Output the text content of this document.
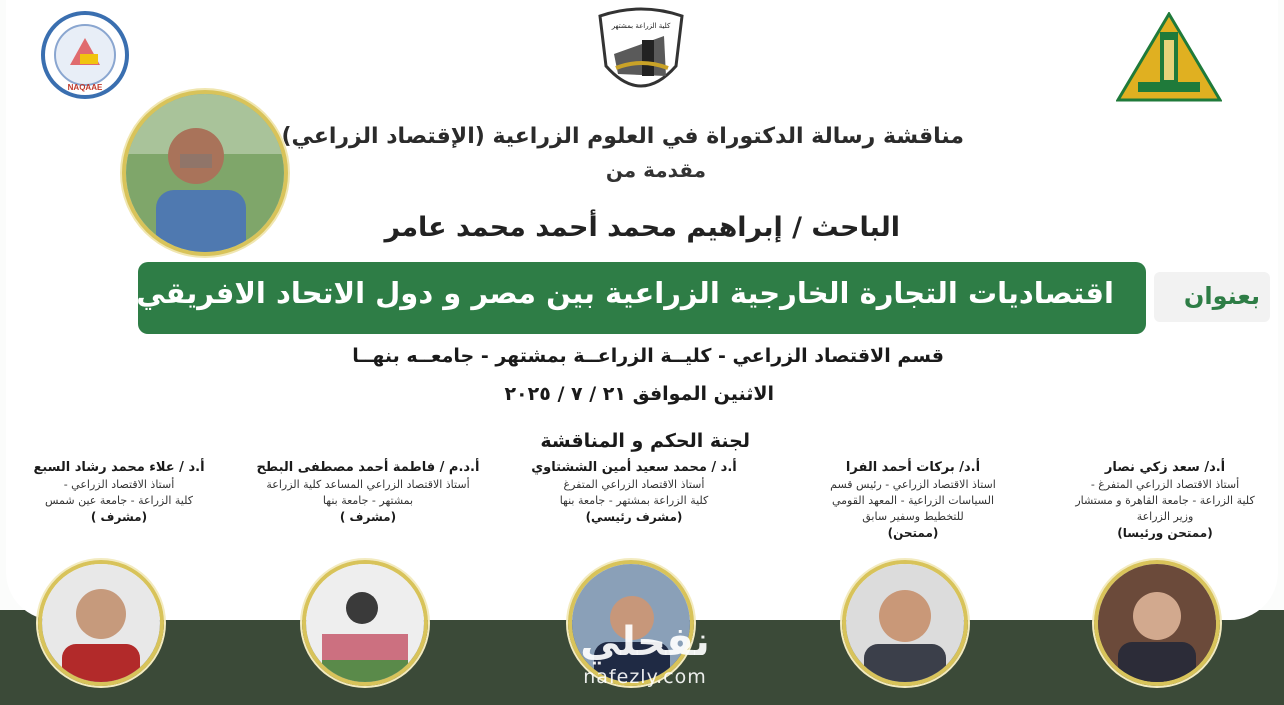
NAQAAE
كلية الزراعة بمشتهر
مناقشة رسالة الدكتوراة في العلوم الزراعية (الإقتصاد الزراعي)
مقدمة من
الباحث / إبراهيم محمد أحمد محمد عامر
بعنوان
اقتصاديات التجارة الخارجية الزراعية بين مصر و دول الاتحاد الافريقي
قسم الاقتصاد الزراعي - كليــة الزراعــة بمشتهر - جامعــه بنهــا
الاثنين الموافق ٢١ / ٧ / ٢٠٢٥
لجنة الحكم و المناقشة
أ.د/ سعد زكي نصار
أستاذ الاقتصاد الزراعي المتفرغ -
كلية الزراعة - جامعة القاهرة و مستشار
وزير الزراعة
(ممتحن ورئيسا)
أ.د/ بركات أحمد الفرا
استاذ الاقتصاد الزراعي - رئيس قسم
السياسات الزراعية - المعهد القومي
للتخطيط وسفير سابق
(ممتحن)
أ.د / محمد سعيد أمين الششتاوي
أستاذ الاقتصاد الزراعي المتفرغ
كلية الزراعة بمشتهر - جامعة بنها
(مشرف رئيسي)
أ.د.م / فاطمة أحمد مصطفى البطح
أستاذ الاقتصاد الزراعي المساعد كلية الزراعة
بمشتهر - جامعة بنها
(مشرف )
أ.د / علاء محمد رشاد السبع
أستاذ الاقتصاد الزراعي -
كلية الزراعة - جامعة عين شمس
(مشرف )
نفحلي
nafezly.com
